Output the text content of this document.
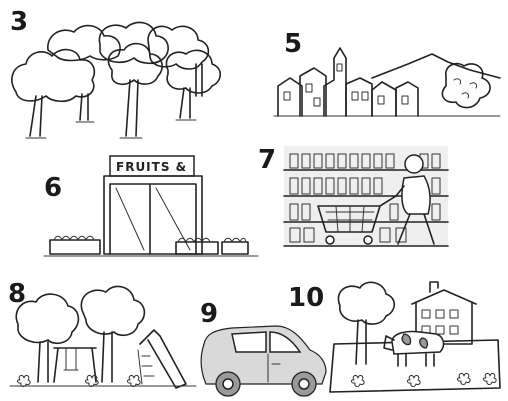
3
5
6
FRUITS &	7
8
9
10
